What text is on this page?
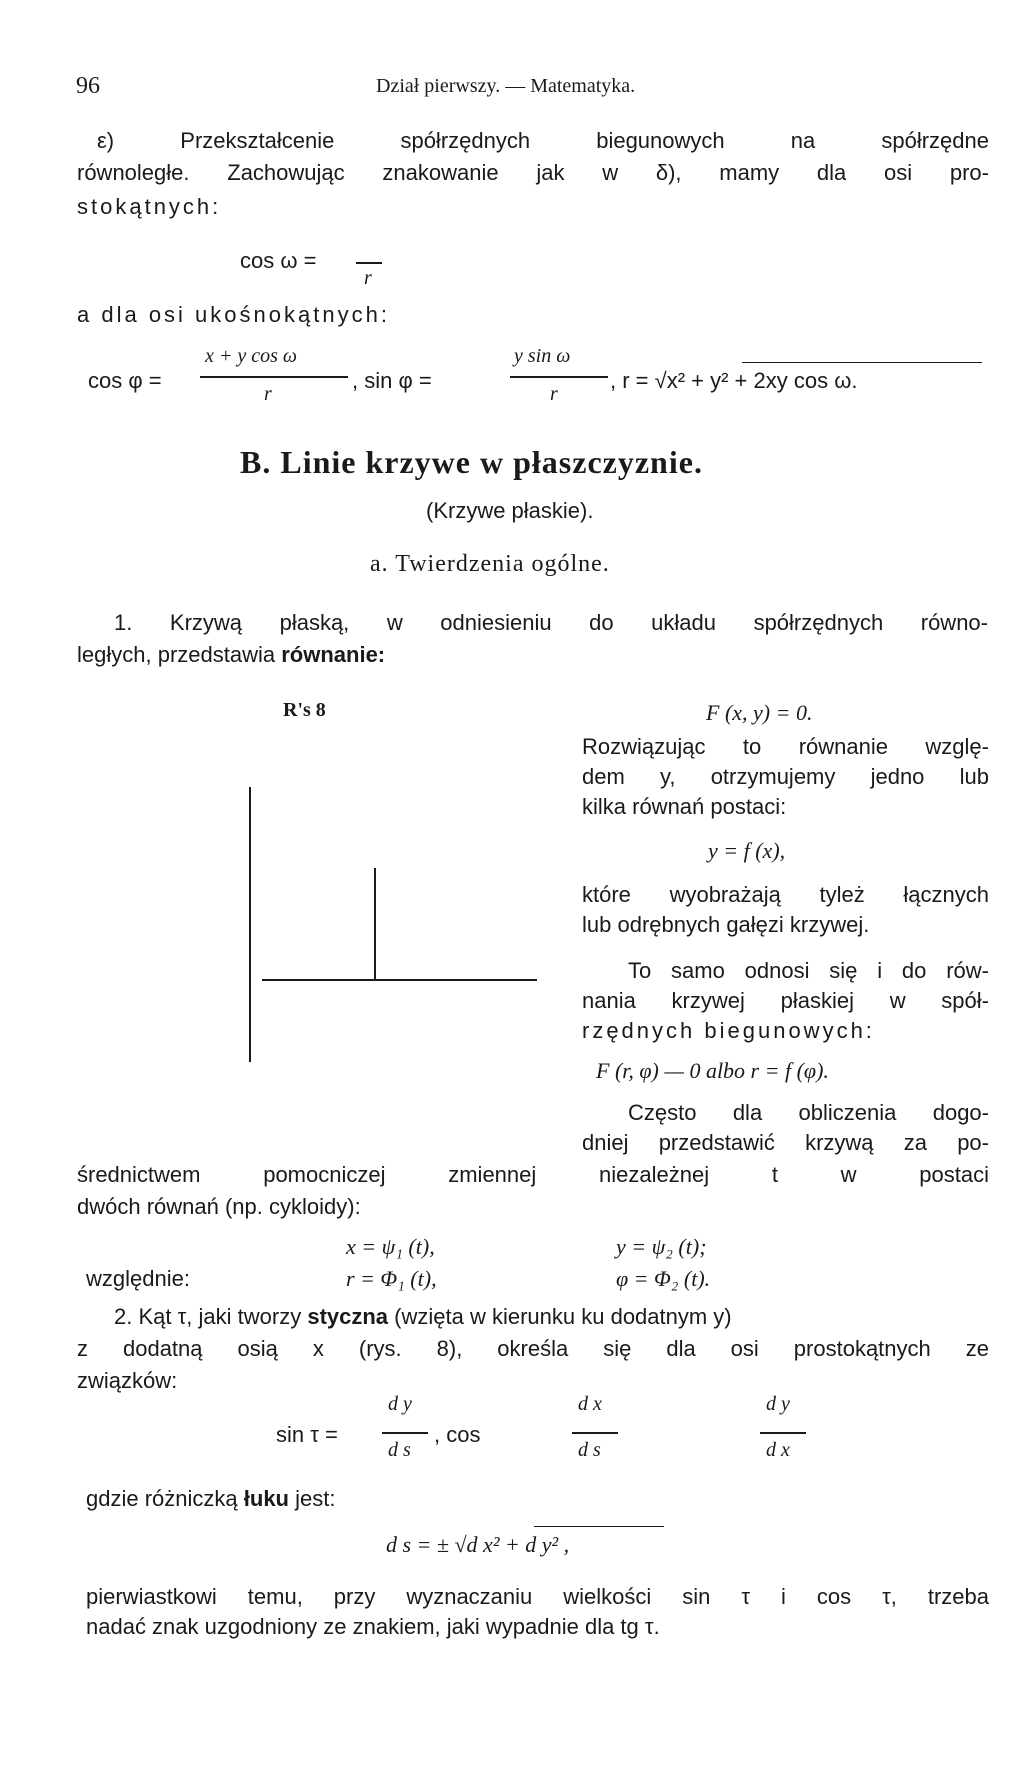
96	Dział pierwszy. — Matematyka.
ε) Przekształcenie spółrzędnych biegunowych na spółrzędne
równoległe. Zachowując znakowanie jak w δ), mamy dla osi pro-
stokątnych:
cos ω =
r
a dla osi ukośnokątnych:
cos φ =
x + y cos ω
r
, sin φ =
y sin ω
r
, r = √x² + y² + 2xy cos ω.
B. Linie krzywe w płaszczyznie.
(Krzywe płaskie).
a. Twierdzenia ogólne.
1. Krzywą płaską, w odniesieniu do układu spółrzędnych równo-
ległych, przedstawia równanie:
F (x, y) = 0.
R's 8
Rozwiązując to równanie wzglę-
dem y, otrzymujemy jedno lub
kilka równań postaci:
y = f (x),
które wyobrażają tyleż łącznych
lub odrębnych gałęzi krzywej.
To samo odnosi się i do rów-
nania krzywej płaskiej w spół-
rzędnych biegunowych:
F (r, φ) — 0 albo r = f (φ).
Często dla obliczenia dogo-
dniej przedstawić krzywą za po-
średnictwem pomocniczej zmiennej niezależnej t w postaci
dwóch równań (np. cykloidy):
x = ψ₁ (t),	y = ψ₂ (t);
względnie:	r = Φ₁ (t),	φ = Φ₂ (t).
2. Kąt τ, jaki tworzy styczna (wzięta w kierunku ku dodatnym y)
z dodatną osią x (rys. 8), określa się dla osi prostokątnych ze
związków:
sin τ =
d y
d s
, cos
d x
d s
d y
d x
gdzie różniczką łuku jest:
d s = ± √d x² + d y² ,
pierwiastkowi temu, przy wyznaczaniu wielkości sin τ i cos τ, trzeba
nadać znak uzgodniony ze znakiem, jaki wypadnie dla tg τ.
